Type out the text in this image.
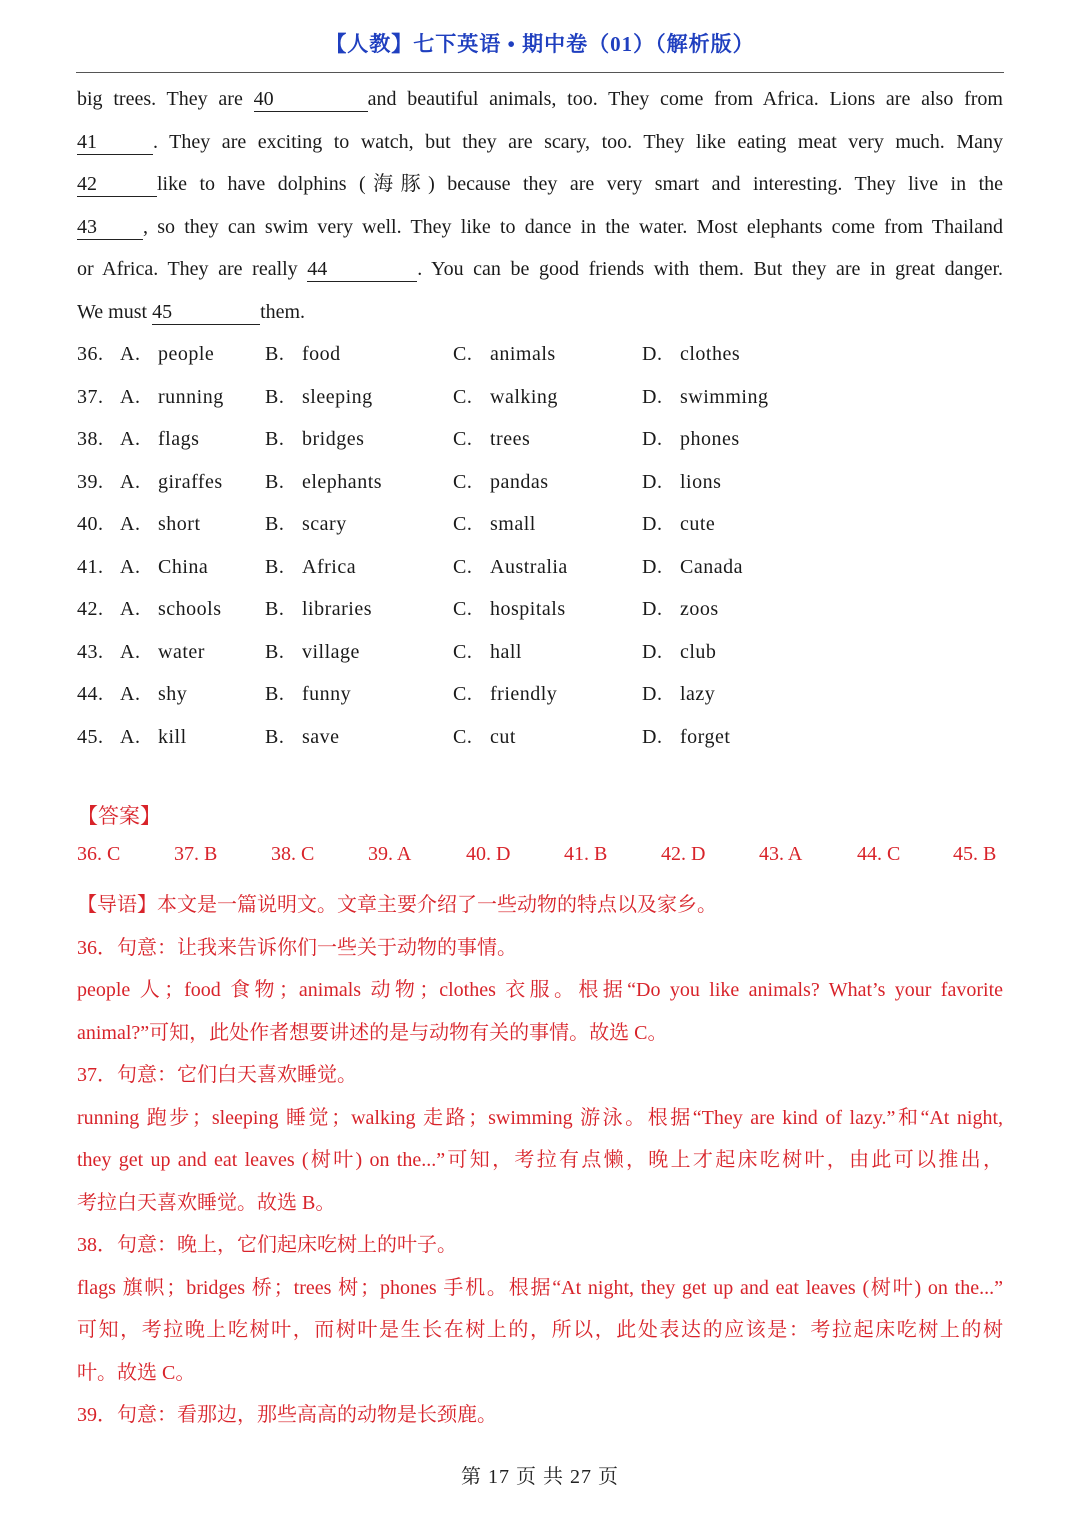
【人教】七下英语 • 期中卷（01）（解析版）
big trees. They are 40	and beautiful animals, too. They come from Africa. Lions are also from
41	. They are exciting to watch, but they are scary, too. They like eating meat very much. Many
42	like to have dolphins (海豚) because they are very smart and interesting. They live in the
43 , so they can swim very well. They like to dance in the water. Most elephants come from Thailand
or Africa. They are really 44	. You can be good friends with them. But they are in great danger.
We must 45	them.
36. A. people	B. food	C. animals	D. clothes
37. A. running B. sleeping	C. walking	D. swimming
38. A. flags	B. bridges	C. trees	D. phones
39. A. giraffes B. elephants	C. pandas	D. lions
40. A. short	B. scary	C. small	D. cute
41. A. China	B. Africa	C. Australia	D. Canada
42. A. schools B. libraries	C. hospitals	D. zoos
43. A. water	B. village	C. hall	D. club
44. A. shy	B. funny	C. friendly	D. lazy
45. A. kill	B. save	C. cut	D. forget
【答案】
36. C	37. B	38. C	39. A	40. D	41. B	42. D	43. A	44. C	45. B
【导语】本文是一篇说明文。文章主要介绍了一些动物的特点以及家乡。
36．句意：让我来告诉你们一些关于动物的事情。
people 人；food 食物；animals 动物；clothes 衣服。根据“Do you like animals? What’s your favorite
animal?”可知，此处作者想要讲述的是与动物有关的事情。故选 C。
37．句意：它们白天喜欢睡觉。
running 跑步；sleeping 睡觉；walking 走路；swimming 游泳。根据“They are kind of lazy.”和“At night,
they get up and eat leaves (树叶) on the...”可知，考拉有点懒，晚上才起床吃树叶，由此可以推出，
考拉白天喜欢睡觉。故选 B。
38．句意：晚上，它们起床吃树上的叶子。
flags 旗帜；bridges 桥；trees 树；phones 手机。根据“At night, they get up and eat leaves (树叶) on the...”
可知，考拉晚上吃树叶，而树叶是生长在树上的，所以，此处表达的应该是：考拉起床吃树上的树
叶。故选 C。
39．句意：看那边，那些高高的动物是长颈鹿。
第 17 页 共 27 页
